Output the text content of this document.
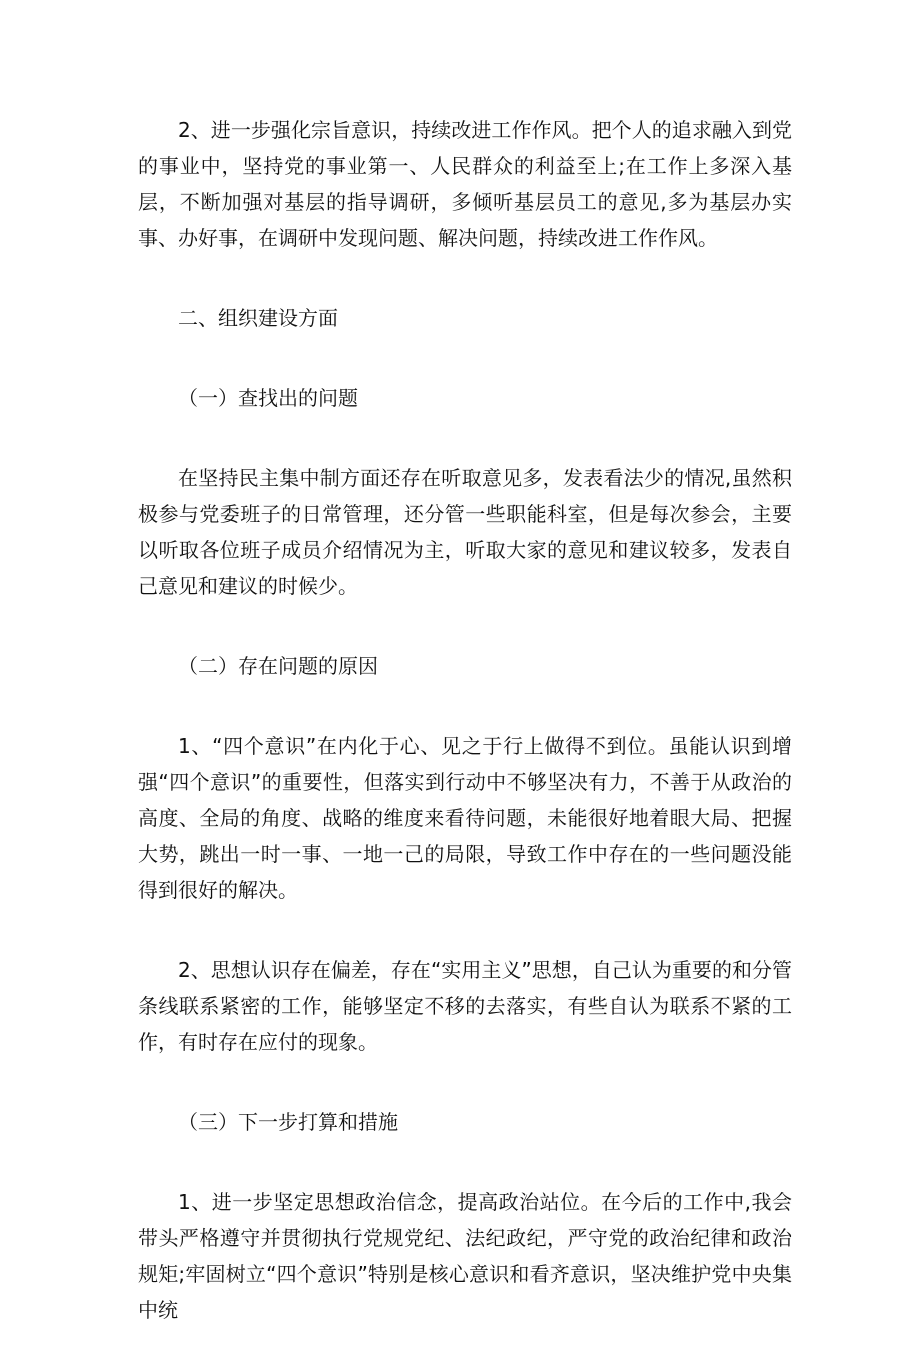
2、进一步强化宗旨意识，持续改进工作作风。把个人的追求融入到党的事业中，坚持党的事业第一、人民群众的利益至上;在工作上多深入基层，不断加强对基层的指导调研，多倾听基层员工的意见,多为基层办实事、办好事，在调研中发现问题、解决问题，持续改进工作作风。

二、组织建设方面

（一）查找出的问题

在坚持民主集中制方面还存在听取意见多，发表看法少的情况,虽然积极参与党委班子的日常管理，还分管一些职能科室，但是每次参会，主要以听取各位班子成员介绍情况为主，听取大家的意见和建议较多，发表自己意见和建议的时候少。

（二）存在问题的原因

1、“四个意识”在内化于心、见之于行上做得不到位。虽能认识到增强“四个意识”的重要性，但落实到行动中不够坚决有力，不善于从政治的高度、全局的角度、战略的维度来看待问题，未能很好地着眼大局、把握大势，跳出一时一事、一地一己的局限，导致工作中存在的一些问题没能得到很好的解决。

2、思想认识存在偏差，存在“实用主义”思想，自己认为重要的和分管条线联系紧密的工作，能够坚定不移的去落实，有些自认为联系不紧的工作，有时存在应付的现象。

（三）下一步打算和措施

1、进一步坚定思想政治信念，提高政治站位。在今后的工作中,我会带头严格遵守并贯彻执行党规党纪、法纪政纪，严守党的政治纪律和政治规矩;牢固树立“四个意识”特别是核心意识和看齐意识，坚决维护党中央集中统
